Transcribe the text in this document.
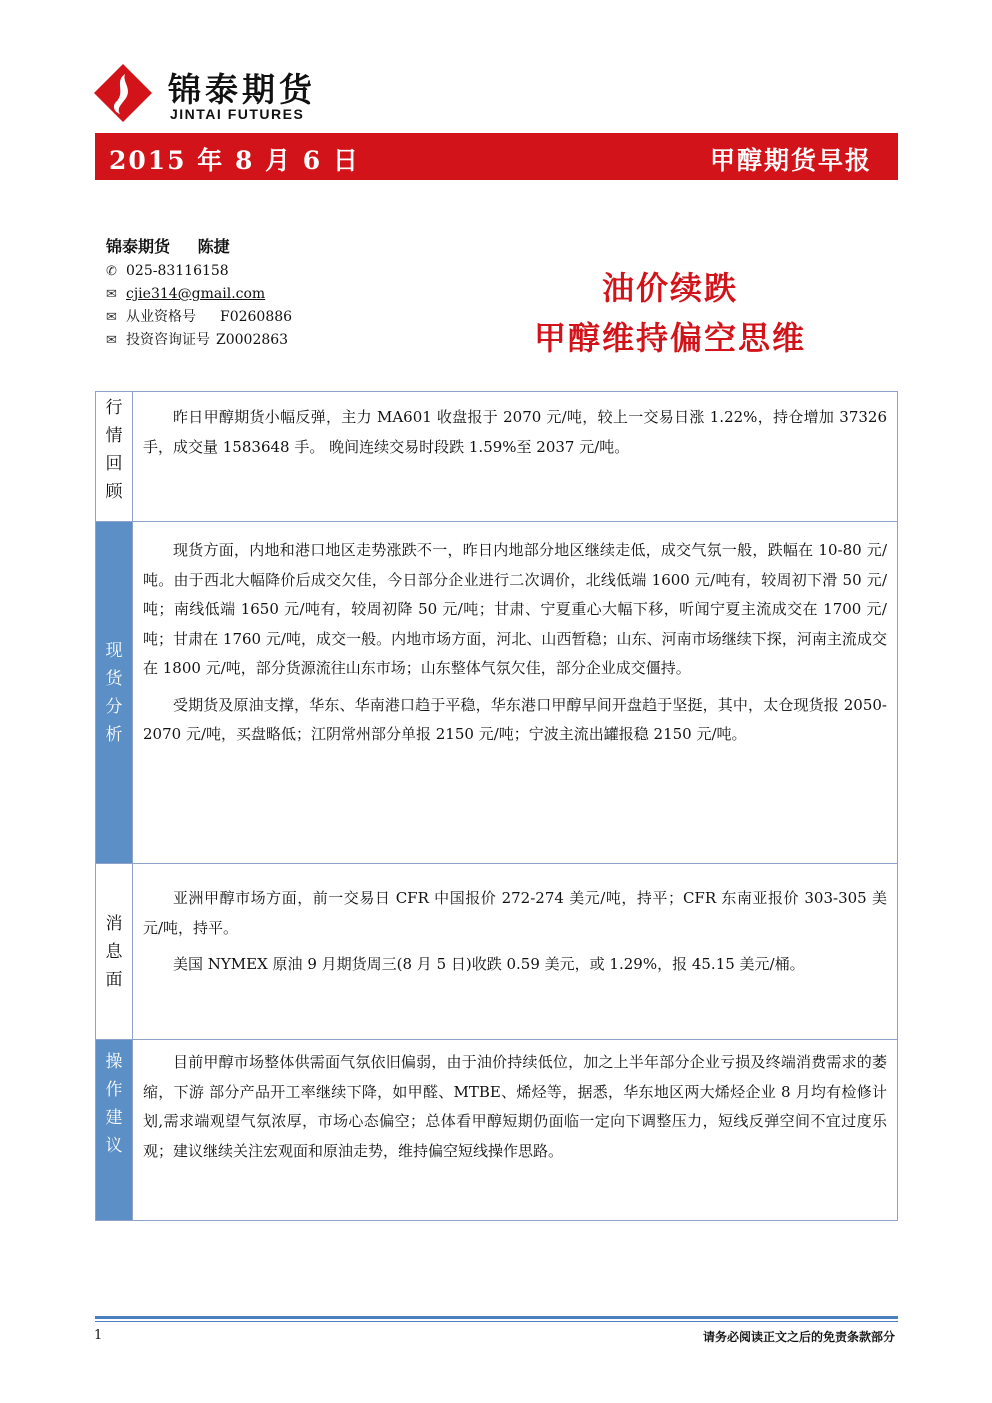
锦泰期货
JINTAI FUTURES
2015 年 8 月 6 日	甲醇期货早报
锦泰期货 陈捷
✆ 025-83116158
✉ cjie314@gmail.com
✉ 从业资格号 F0260886
✉ 投资咨询证号 Z0002863
油价续跌
甲醇维持偏空思维
行
情
回
顾

昨日甲醇期货小幅反弹，主力 MA601 收盘报于 2070 元/吨，较上一交易日涨 1.22%，持仓增加 37326 手，成交量 1583648 手。 晚间连续交易时段跌 1.59%至 2037 元/吨。

现
货
分
析

现货方面，内地和港口地区走势涨跌不一，昨日内地部分地区继续走低，成交气氛一般，跌幅在 10-80 元/吨。由于西北大幅降价后成交欠佳，今日部分企业进行二次调价，北线低端 1600 元/吨有，较周初下滑 50 元/吨；南线低端 1650 元/吨有，较周初降 50 元/吨；甘肃、宁夏重心大幅下移，听闻宁夏主流成交在 1700 元/吨；甘肃在 1760 元/吨，成交一般。内地市场方面，河北、山西暂稳；山东、河南市场继续下探，河南主流成交在 1800 元/吨，部分货源流往山东市场；山东整体气氛欠佳，部分企业成交僵持。

受期货及原油支撑，华东、华南港口趋于平稳，华东港口甲醇早间开盘趋于坚挺，其中，太仓现货报 2050-2070 元/吨，买盘略低；江阴常州部分单报 2150 元/吨；宁波主流出罐报稳 2150 元/吨。

消
息
面

亚洲甲醇市场方面，前一交易日 CFR 中国报价 272-274 美元/吨，持平；CFR 东南亚报价 303-305 美元/吨，持平。

美国 NYMEX 原油 9 月期货周三(8 月 5 日)收跌 0.59 美元，或 1.29%，报 45.15 美元/桶。

操
作
建
议

目前甲醇市场整体供需面气氛依旧偏弱，由于油价持续低位，加之上半年部分企业亏损及终端消费需求的萎缩，下游 部分产品开工率继续下降，如甲醛、MTBE、烯烃等，据悉，华东地区两大烯烃企业 8 月均有检修计划,需求端观望气氛浓厚，市场心态偏空；总体看甲醇短期仍面临一定向下调整压力，短线反弹空间不宜过度乐观；建议继续关注宏观面和原油走势，维持偏空短线操作思路。

1	请务必阅读正文之后的免责条款部分
